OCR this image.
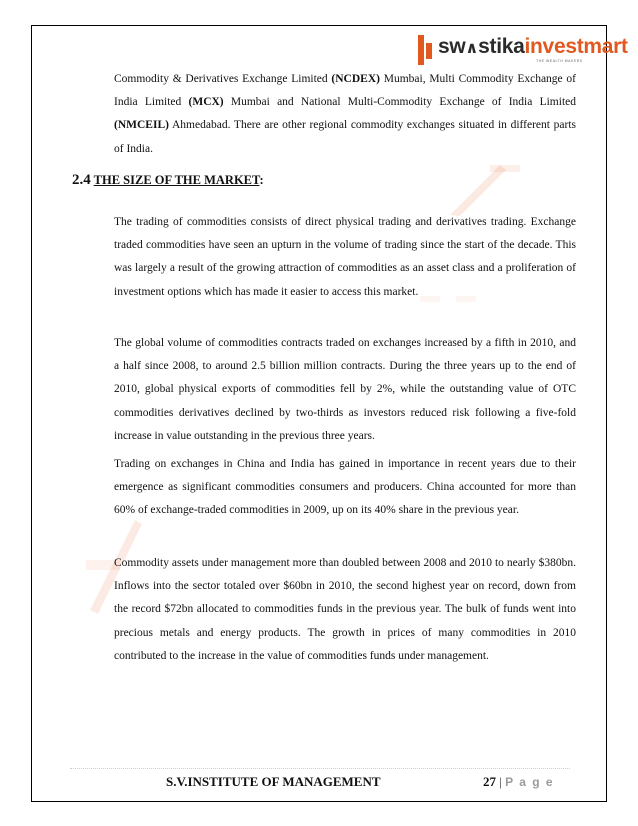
sw∧stikainvestmart
THE WEALTH MAKERS

Commodity & Derivatives Exchange Limited (NCDEX) Mumbai, Multi Commodity Exchange of India Limited (MCX) Mumbai and National Multi-Commodity Exchange of India Limited (NMCEIL) Ahmedabad. There are other regional commodity exchanges situated in different parts of India.

2.4 THE SIZE OF THE MARKET:

The trading of commodities consists of direct physical trading and derivatives trading. Exchange traded commodities have seen an upturn in the volume of trading since the start of the decade. This was largely a result of the growing attraction of commodities as an asset class and a proliferation of investment options which has made it easier to access this market.

The global volume of commodities contracts traded on exchanges increased by a fifth in 2010, and a half since 2008, to around 2.5 billion million contracts. During the three years up to the end of 2010, global physical exports of commodities fell by 2%, while the outstanding value of OTC commodities derivatives declined by two-thirds as investors reduced risk following a five-fold increase in value outstanding in the previous three years.

Trading on exchanges in China and India has gained in importance in recent years due to their emergence as significant commodities consumers and producers. China accounted for more than 60% of exchange-traded commodities in 2009, up on its 40% share in the previous year.

Commodity assets under management more than doubled between 2008 and 2010 to nearly $380bn. Inflows into the sector totaled over $60bn in 2010, the second highest year on record, down from the record $72bn allocated to commodities funds in the previous year. The bulk of funds went into precious metals and energy products. The growth in prices of many commodities in 2010 contributed to the increase in the value of commodities funds under management.

S.V.INSTITUTE OF MANAGEMENT	27 | P a g e
